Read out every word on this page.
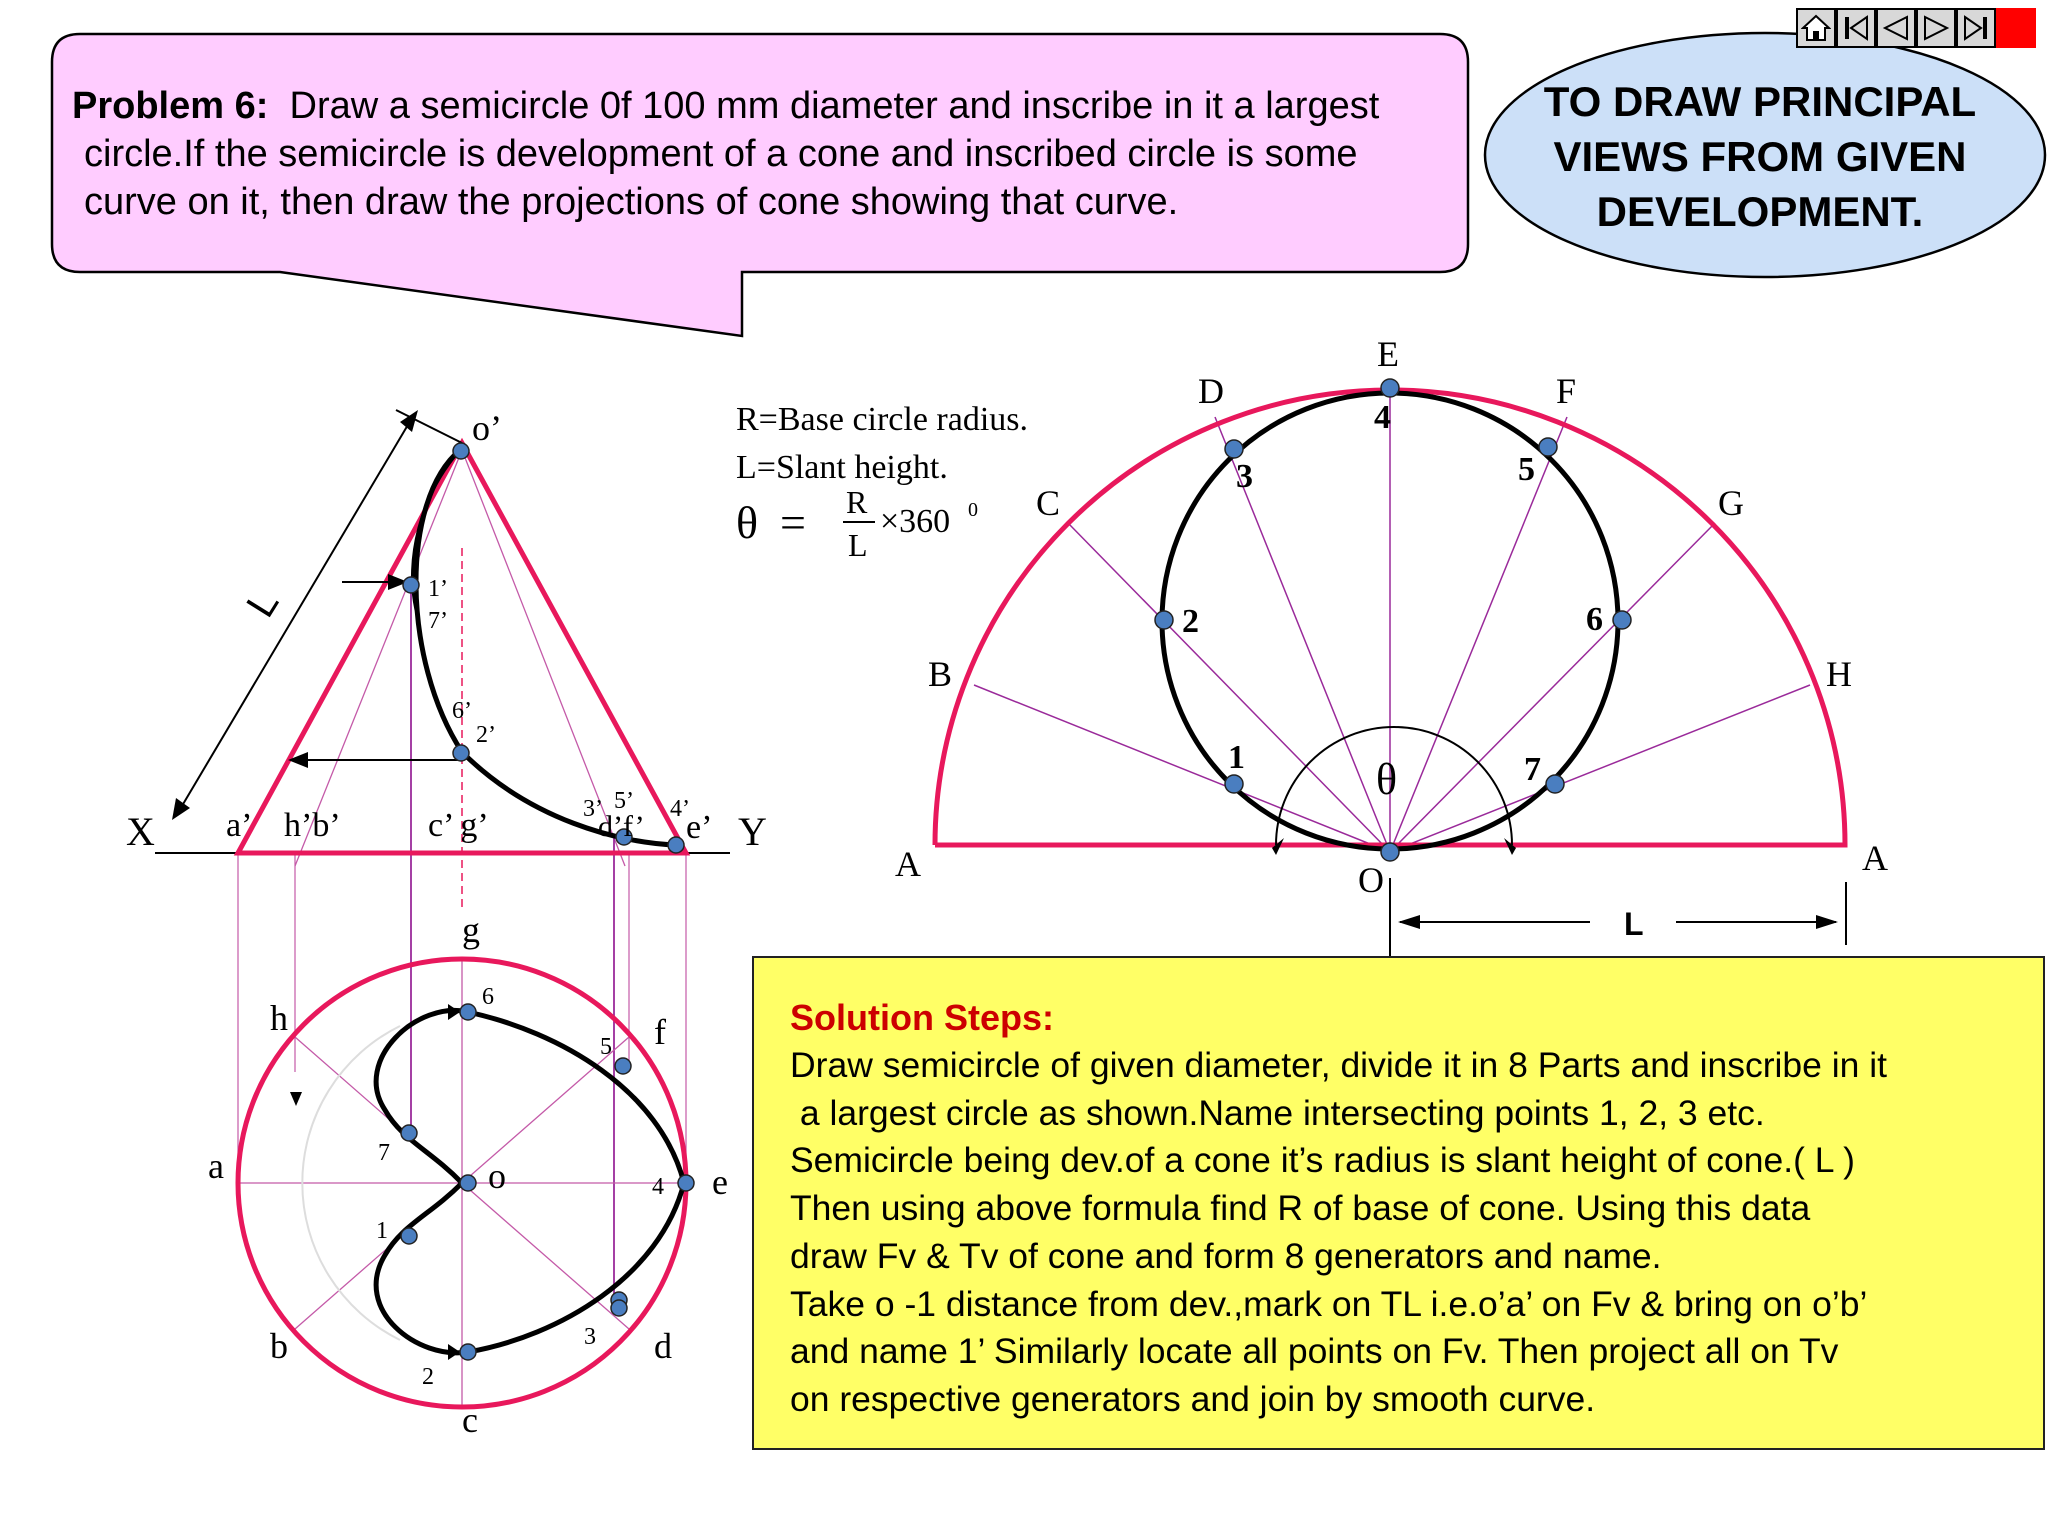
A
B
C
D
E
F
G
H
A
O
θ
L
1
2
3
4
5
6
7
R=Base circle radius.
L=Slant height.
θ = R
L
×360 0
o’
X	Y
a’ h’b’	c’ g’	3’
d’f’
4’
e’
1’
7’
6’
2’
5’
L
g
h	f
a	o	e
b	d
c
6
5
7
4
1
3
2
Problem 6: Draw a semicircle 0f 100 mm diameter and inscribe in it a largest
circle.If the semicircle is development of a cone and inscribed circle is some
curve on it, then draw the projections of cone showing that curve.
TO DRAW PRINCIPAL
VIEWS FROM GIVEN
DEVELOPMENT.
Solution Steps:
Draw semicircle of given diameter, divide it in 8 Parts and inscribe in it
a largest circle as shown.Name intersecting points 1, 2, 3 etc.
Semicircle being dev.of a cone it’s radius is slant height of cone.( L )
Then using above formula find R of base of cone. Using this data
draw Fv & Tv of cone and form 8 generators and name.
Take o -1 distance from dev.,mark on TL i.e.o’a’ on Fv & bring on o’b’
and name 1’ Similarly locate all points on Fv. Then project all on Tv
on respective generators and join by smooth curve.
